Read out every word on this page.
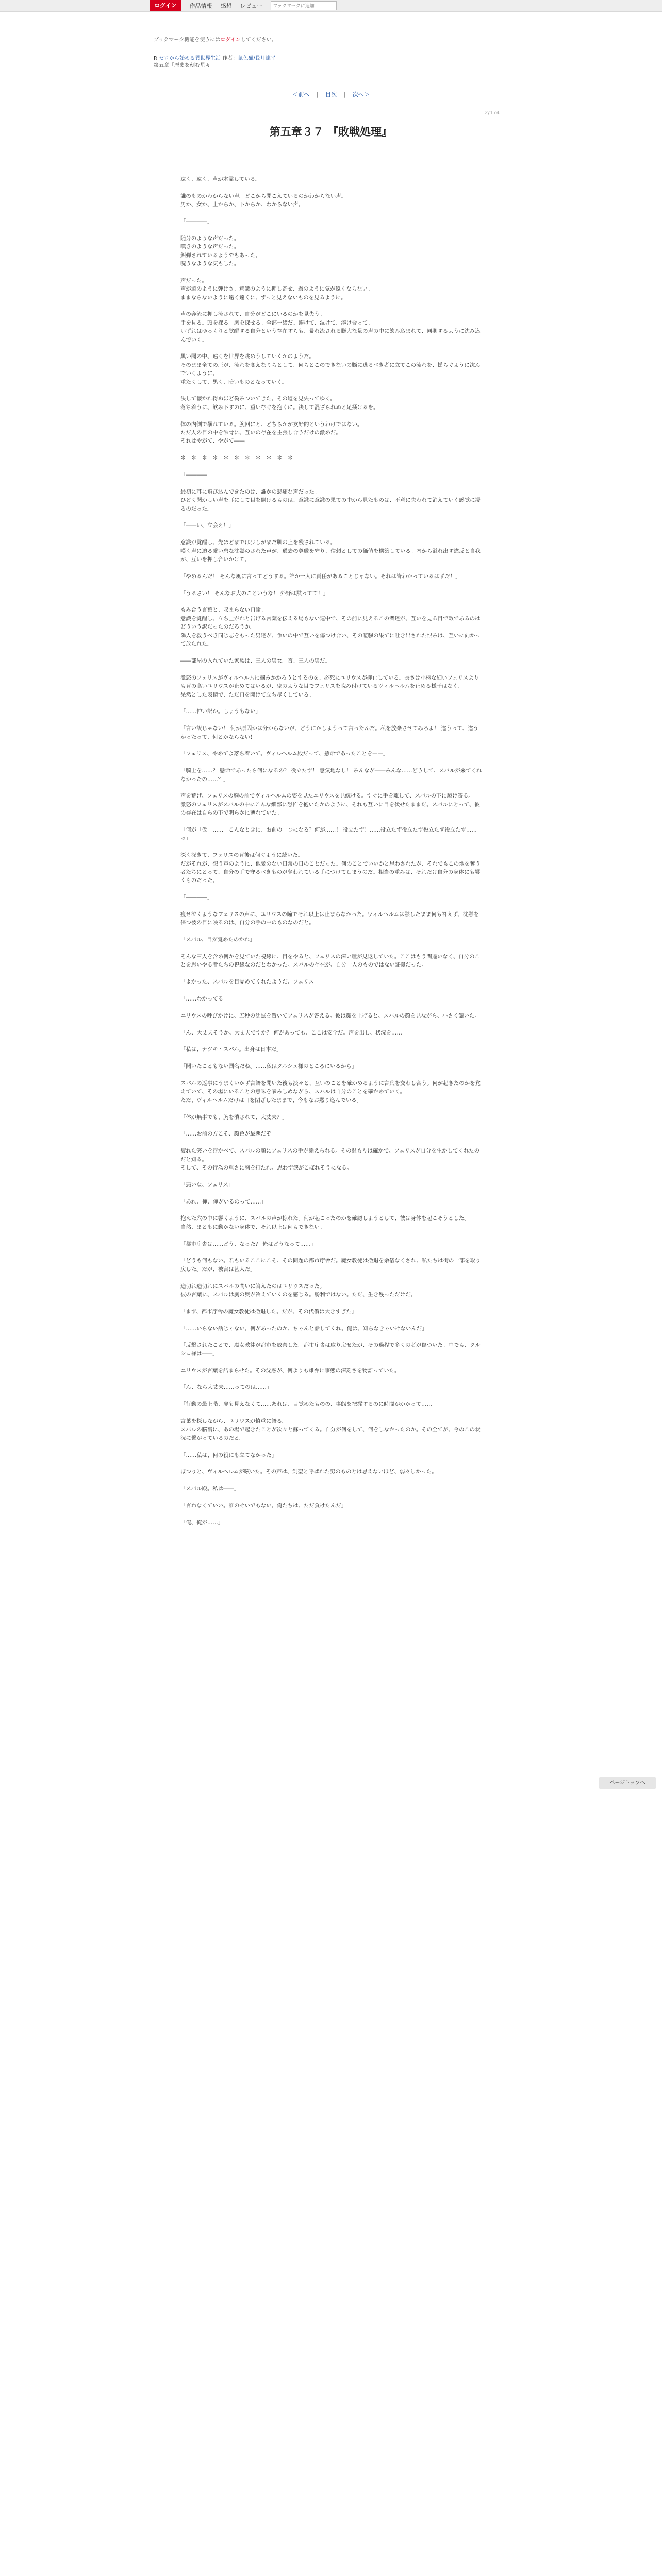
ログイン	作品情報 感想 レビュー
ブックマークに追加
ブックマーク機能を使うにはログインしてください。
R ゼロから始める異世界生活 作者：鼠色猫/長月達平
第五章「歴史を刻む星々」
＜前へ | 目次 | 次へ＞
2/174
第五章３７ 『敗戦処理』

遠く、遠く、声が木霊している。

誰のものかわからない声。どこから聞こえているのかわからない声。
男か、女か、上からか、下からか、わからない声。

「――――」

随分のような声だった。
嘆きのような声だった。
糾弾されているようでもあった。
呪うなような気もした。

声だった。
声が遠のように弾けさ、意識のように押し寄せ、過のように気が遠くならない。
ままならないように遠く遠くに、ずっと見えないものを見るように。

声の奔流に押し流されて、自分がどこにいるのかを見失う。
手を見る。頭を探る。胸を探せる。全部一緒だ。溺けて、混けて、溶け合って。
いずれはゆっくりと覚醒する自分という存在すらも、暴れ流される膨大な量の声の中に飲み込まれて、同期するように沈み込んでいく。

黒い闇の中、遠くを世界を眺めうしていくかのようだ。
そのまま全ての圧が、流れを変えなりらとして、何らとこのできないの脳に逃るべき者に立てこの流れを、揺らぐように沈んでいくように。
重たくして、黒く、暗いものとなっていく。

決して懐かれ得ぬほど偽みついてきた。その道を見失ってゆく。
落ち着うに、飲み下すのに、重い存ぐを抱くに。決して混ざられぬと足掻けるを。

体の内側で暴れている。腕回にと、どちらかが友好的というわけではない。
ただ人の目の中を蝕骨に、互いの存在を主張し合うだけの激めだ。
それはやがて、やがて――。

＊　＊　＊　＊　＊　＊　＊　＊　＊　＊　＊

「――――」

最初に耳に飛び込んできたのは、誰かの悲痛な声だった。
ひどく聞かしい声を耳にして目を開けるものは、意識に意識の果ての中から見たものは、不意に失われて消えていく感覚に浸るのだった。

「――い、立会え！」

意識が覚醒し、先ほどまでは少しがまだ肌の上を残されている。
嘆く声に迫る繋い碧な沈黙のされた声が、過去の尊厳を守り、信頼としての価値を構築している。内から溢れ出す違反と自我が、互いを押し合いかけて。

「やめるんだ！ そんな風に言ってどうする。誰か一人に責任があることじゃない。それは皆わかっているはずだ！」

「うるさい！ そんなお大のこというな！ 外野は黙ってて！」

もみ合う言葉と、収まらない口論。
意識を覚醒し、立ち上がれと告げる言葉を伝える場もない連中で、その前に見えるこの者達が、互いを見る目で敵であるのはどういう訳だったのだろうか。
隣人を救うべき同じ志をもった男達が、争いの中で互いを傷つけ合い、その喧騒の果てに吐き出された恨みは、互いに向かって放たれた。

――部屋の入れていた家族は、三人の男女。否、三人の男だ。

激怒のフェリスがヴィルヘルムに摑みかかろうとするのを、必死にユリウスが抑止している。長さは小柄な細いフェリスよりも背の高いユリウスが止めてはいるが、鬼のような目でフェリスを睨み付けているヴィルヘルムを止める様子はなく、
呆然とした表情で、ただ口を開けて立ち尽くしている。

「……仲い訳か。しょうもない」

「言い訳じゃない！ 何が原因かは分からないが、どうにかしようって言ったんだ。私を放棄させてみろよ！ 違うって、違うかったって、何とかならない！」

「フェリス、やめてよ落ち着いて。ヴィルヘルム殿だって、懸命であったことを——」

「騎士を……？ 懸命であったら何になるの？ 役立たず！ 意気地なし！ みんなが――みんな……どうして、スバルが来てくれなかったの……？」

声を荒げ、フェリスの胸の前でヴィルヘルムの姿を見たユリウスを見続ける。すぐに手を離して、スバルの下に駆け寄る。
激怒のフェリスがスバルの中にこんな細部に恐怖を抱いたかのように、それも互いに目を伏せたままだ。スバルにとって、彼の存在は自らの下で明らかに薄れていた。

「何が「仮」……」こんなときに、お前の一つになる？何が……！ 役立たず！……役立たず役立たず役立たず役立たず……っ」

深く深きて、フェリスの背後は何ぐように続いた。
だがそれが、想う声のように、他愛のない日常の日のことだった。何のことでいいかと思わされたが、それでもこの地を奪う者たちにとって、自分の手で守るべきものが奪われている手につけてしまうのだ。相当の重みは、それだけ自分の身体にも響くものだった。

「――――」

痩せ泣くようなフェリスの声に、ユリウスの瞳でそれ以上は止まらなかった。ヴィルヘルムは黙したまま何も答えず、沈黙を保つ彼の目に映るのは、自分の手の中のものなのだと。

「スバル、目が覚めたのかね」

そんな三人を含め何かを見ていた視線に、目をやると、フェリスの深い瞳が見返していた。ここはもう間違いなく、自分のことを思いやる者たちの視線なのだとわかった。スバルの存在が、自分一人のものではない証拠だった。

「よかった、スバルを目覚めてくれたようだ、フェリス」

「……わかってる」

ユリウスの呼びかけに、五秒の沈黙を置いてフェリスが答える。彼は顔を上げると、スバルの顔を見ながら、小さく頷いた。

「ん、大丈夫そうか。大丈夫ですか？ 何があっても、ここは安全だ。声を出し、状況を……」

「私は、ナツキ・スバル。出身は日本だ」

「聞いたこともない国名だね。……私はクルシュ様のところにいるから」

スバルの返事にうまくいかず言語を聞いた後も淡々と、互いのことを確かめるように言葉を交わし合う。何が起きたのかを覚えていて、その場にいることの意味を噛みしめながら、スバルは自分のことを確かめていく。
ただ、ヴィルヘルムだけは口を閉ざしたままで、今もなお黙り込んでいる。

「体が無事でも、胸を潰されて、大丈夫？」

「……お前の方こそ、顔色が最悪だぞ」

疲れた笑いを浮かべて、スバルの顔にフェリスの手が添えられる。その温もりは確かで、フェリスが自分を生かしてくれたのだと知る。
そして、その行為の重さに胸を打たれ、思わず涙がこぼれそうになる。

「悪いな、フェリス」

「あれ、俺、俺がいるのって……」

抱えた穴の中に響くように、スバルの声が掠れた。何が起こったのかを確認しようとして、彼は身体を起こそうとした。
当然、まともに動かない身体で、それ以上は何もできない。

「都市庁舎は……どう、なった？ 俺はどうなって……」

「どうも何もない。君もいるここにこそ、その問題の都市庁舎だ。魔女教徒は撤退を余儀なくされ、私たちは街の一部を取り戻した。だが、被害は甚大だ」

途切れ途切れにスバルの問いに答えたのはユリウスだった。
彼の言葉に、スバルは胸の奥が冷えていくのを感じる。勝利ではない。ただ、生き残っただけだ。

「まず、都市庁舎の魔女教徒は撤退した。だが、その代償は大きすぎた」

「……いらない話じゃない。何があったのか、ちゃんと話してくれ。俺は、知らなきゃいけないんだ」

「反撃されたことで、魔女教徒が都市を放棄した。都市庁舎は取り戻せたが、その過程で多くの者が傷ついた。中でも、クルシュ様は――」

ユリウスが言葉を詰まらせた。その沈黙が、何よりも雄弁に事態の深刻さを物語っていた。

「ん、なら大丈夫……ってのは……」

「行動の最上階、扉も見えなくて……あれは、目覚めたものの、事態を把握するのに時間がかかって……」

言葉を探しながら、ユリウスが慎重に語る。
スバルの脳裏に、あの場で起きたことが次々と蘇ってくる。自分が何をして、何をしなかったのか。その全てが、今のこの状況に繋がっているのだと。

「……私は、何の役にも立てなかった」

ぽつりと、ヴィルヘルムが呟いた。その声は、剣聖と呼ばれた男のものとは思えないほど、弱々しかった。

「スバル殿。私は――」

「言わなくていい。誰のせいでもない。俺たちは、ただ負けたんだ」

「俺、俺が……」

ページトップへ
